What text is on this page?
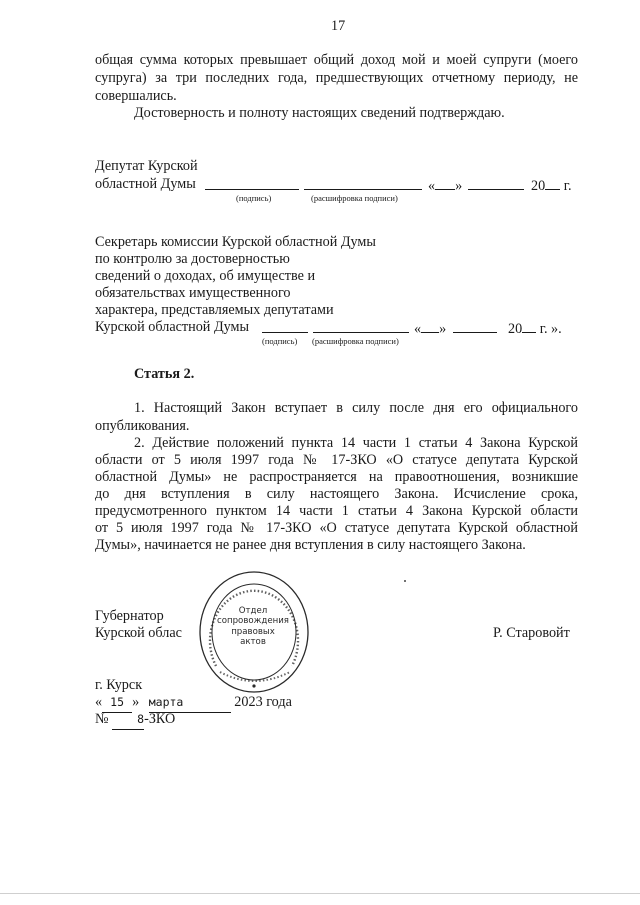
17
общая сумма которых превышает общий доход мой и моей супруги (моего
супруга) за три последних года, предшествующих отчетному периоду, не
совершались.
Достоверность и полноту настоящих сведений подтверждаю.
Депутат Курской
областной Думы	« »	20 г.
(подпись)	(расшифровка подписи)
Секретарь комиссии Курской областной Думы
по контролю за достоверностью
сведений о доходах, об имуществе и
обязательствах имущественного
характера, представляемых депутатами
Курской областной Думы	« »	20 г. ».
(подпись) (расшифровка подписи)
Статья 2.
1. Настоящий Закон вступает в силу после дня его официального
опубликования.
2. Действие положений пункта 14 части 1 статьи 4 Закона Курской
области от 5 июля 1997 года № 17-ЗКО «О статусе депутата Курской
областной Думы» не распространяется на правоотношения, возникшие
до дня вступления в силу настоящего Закона. Исчисление срока,
предусмотренного пунктом 14 части 1 статьи 4 Закона Курской области
от 5 июля 1997 года № 17-ЗКО «О статусе депутата Курской областной
Думы», начинается не ранее дня вступления в силу настоящего Закона.
Губернатор
Курской облас	Р. Старовойт
Отдел
сопровождения
правовых
актов
г. Курск
« 15 » марта	2023 года
№ 8-ЗКО
